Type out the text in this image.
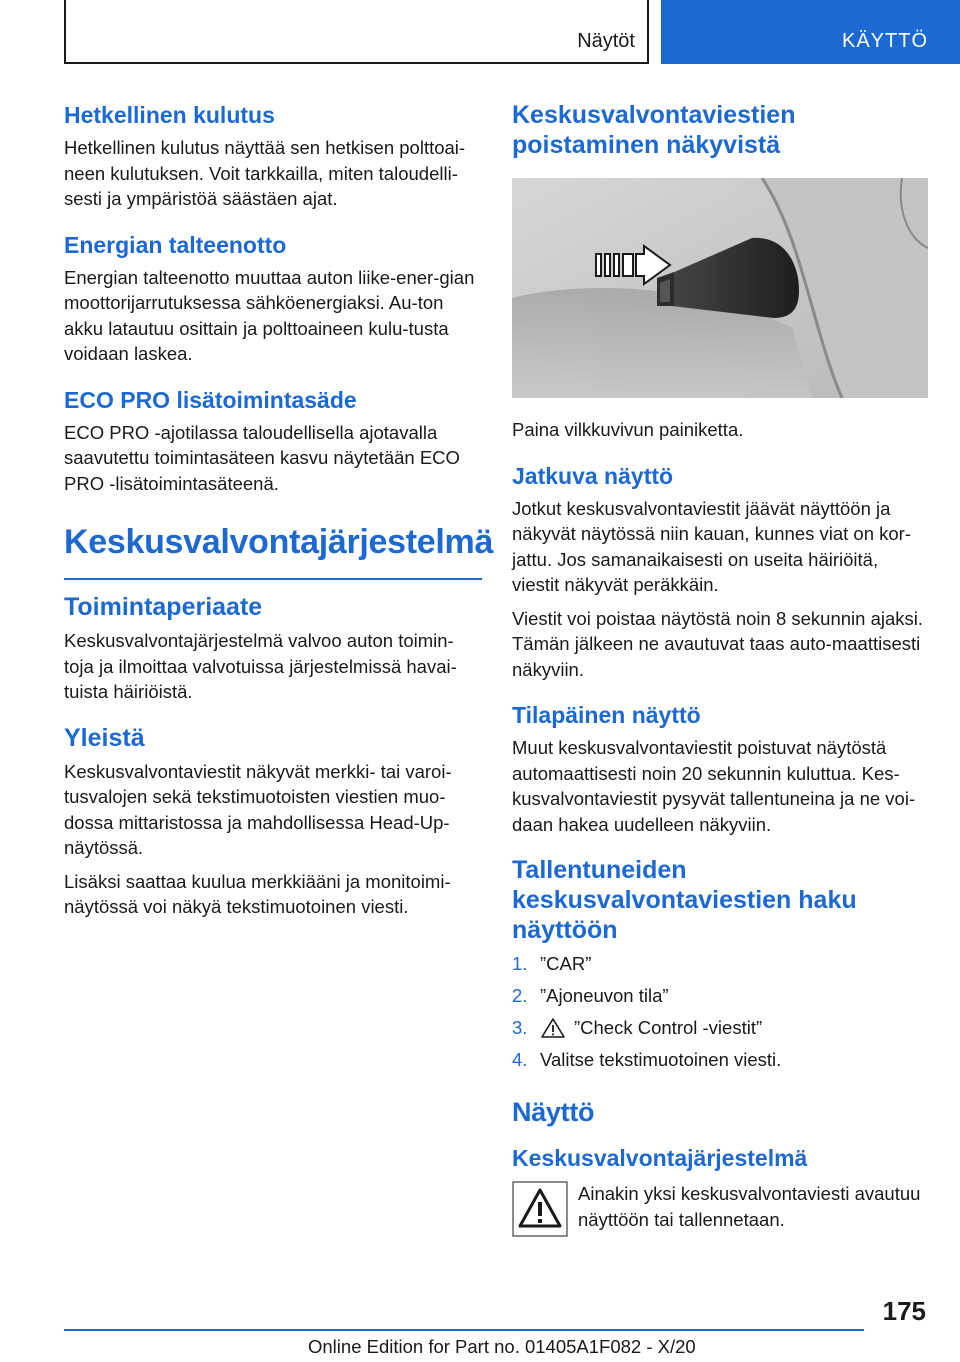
Näytöt	KÄYTTÖ
Hetkellinen kulutus

Hetkellinen kulutus näyttää sen hetkisen polttoai-neen kulutuksen. Voit tarkkailla, miten taloudelli-sesti ja ympäristöä säästäen ajat.

Energian talteenotto

Energian talteenotto muuttaa auton liike-ener-gian moottorijarrutuksessa sähköenergiaksi. Au-ton akku latautuu osittain ja polttoaineen kulu-tusta voidaan laskea.

ECO PRO lisätoimintasäde

ECO PRO -ajotilassa taloudellisella ajotavalla saavutettu toimintasäteen kasvu näytetään ECO PRO -lisätoimintasäteenä.

Keskusvalvontajärjestelmä
Toimintaperiaate

Keskusvalvontajärjestelmä valvoo auton toimin-toja ja ilmoittaa valvotuissa järjestelmissä havai-tuista häiriöistä.

Yleistä

Keskusvalvontaviestit näkyvät merkki- tai varoi-tusvalojen sekä tekstimuotoisten viestien muo-dossa mittaristossa ja mahdollisessa Head-Up-näytössä.

Lisäksi saattaa kuulua merkkiääni ja monitoimi-näytössä voi näkyä tekstimuotoinen viesti.

Keskusvalvontaviestien poistaminen näkyvistä

Paina vilkkuvivun painiketta.

Jatkuva näyttö

Jotkut keskusvalvontaviestit jäävät näyttöön ja näkyvät näytössä niin kauan, kunnes viat on kor-jattu. Jos samanaikaisesti on useita häiriöitä, viestit näkyvät peräkkäin.

Viestit voi poistaa näytöstä noin 8 sekunnin ajaksi. Tämän jälkeen ne avautuvat taas auto-maattisesti näkyviin.

Tilapäinen näyttö

Muut keskusvalvontaviestit poistuvat näytöstä automaattisesti noin 20 sekunnin kuluttua. Kes-kusvalvontaviestit pysyvät tallentuneina ja ne voi-daan hakea uudelleen näkyviin.

Tallentuneiden keskusvalvontaviestien haku näyttöön
1. ”CAR”
2. ”Ajoneuvon tila”
3.	”Check Control -viestit”
4. Valitse tekstimuotoinen viesti.
Näyttö
Keskusvalvontajärjestelmä

Ainakin yksi keskusvalvontaviesti avautuu näyttöön tai tallennetaan.

175
Online Edition for Part no. 01405A1F082 - X/20
